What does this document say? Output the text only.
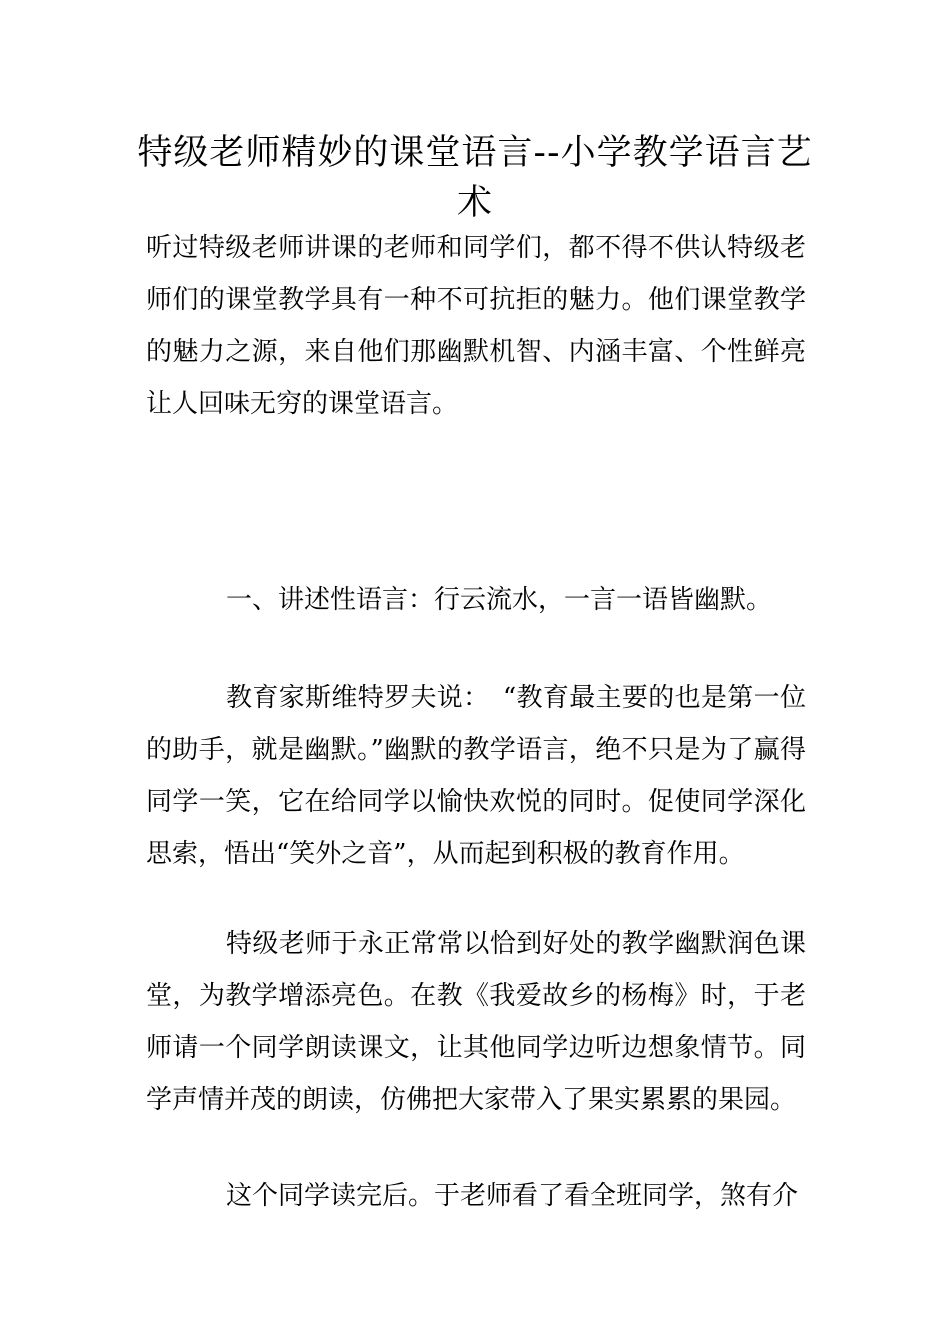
特级老师精妙的课堂语言--小学教学语言艺术

听过特级老师讲课的老师和同学们，都不得不供认特级老师们的课堂教学具有一种不可抗拒的魅力。他们课堂教学的魅力之源，来自他们那幽默机智、内涵丰富、个性鲜亮让人回味无穷的课堂语言。

一、讲述性语言：行云流水，一言一语皆幽默。

教育家斯维特罗夫说：　“教育最主要的也是第一位的助手，就是幽默。”幽默的教学语言，绝不只是为了赢得同学一笑，它在给同学以愉快欢悦的同时。促使同学深化思索，悟出“笑外之音”，从而起到积极的教育作用。

特级老师于永正常常以恰到好处的教学幽默润色课堂，为教学增添亮色。在教《我爱故乡的杨梅》时，于老师请一个同学朗读课文，让其他同学边听边想象情节。同学声情并茂的朗读，仿佛把大家带入了果实累累的果园。

这个同学读完后。于老师看了看全班同学，煞有介
